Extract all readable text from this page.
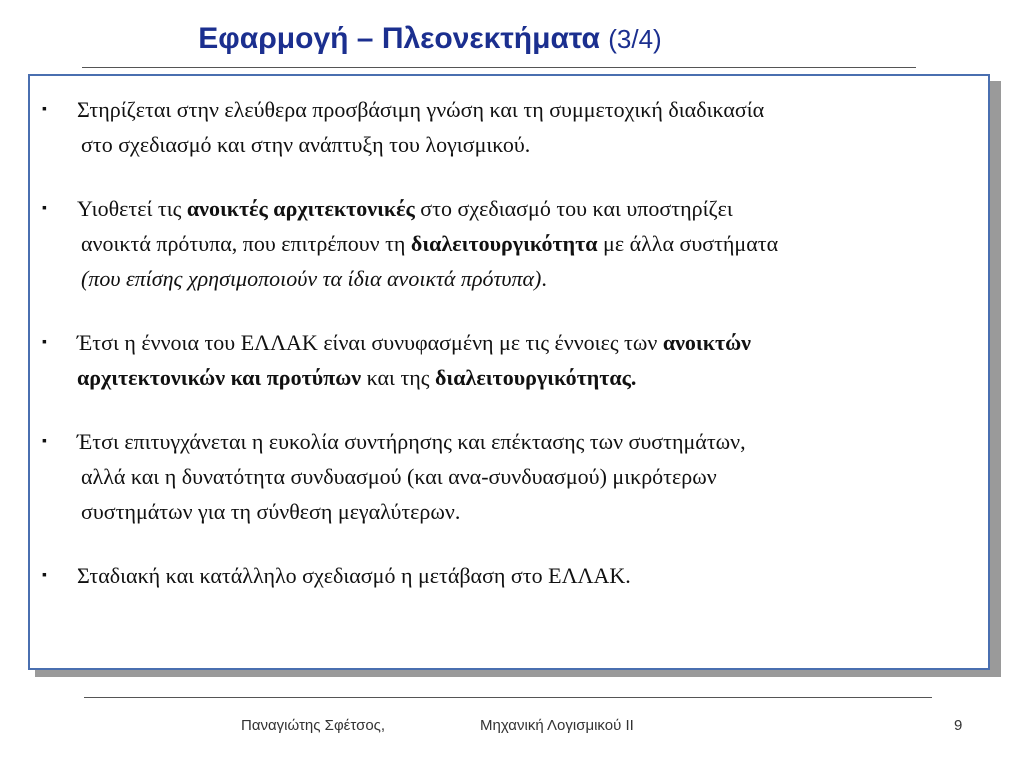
Εφαρμογή – Πλεονεκτήματα (3/4)
▪	Στηρίζεται στην ελεύθερα προσβάσιμη γνώση και τη συμμετοχική διαδικασία
στο σχεδιασμό και στην ανάπτυξη του λογισμικού.
▪	Υιοθετεί τις ανοικτές αρχιτεκτονικές στο σχεδιασμό του και υποστηρίζει
ανοικτά πρότυπα, που επιτρέπουν τη διαλειτουργικότητα με άλλα συστήματα
(που επίσης χρησιμοποιούν τα ίδια ανοικτά πρότυπα).
▪	Έτσι η έννοια του ΕΛΛΑΚ είναι συνυφασμένη με τις έννοιες των ανοικτών
αρχιτεκτονικών και προτύπων και της διαλειτουργικότητας.
▪	Έτσι επιτυγχάνεται η ευκολία συντήρησης και επέκτασης των συστημάτων,
αλλά και η δυνατότητα συνδυασμού (και ανα-συνδυασμού) μικρότερων
συστημάτων για τη σύνθεση μεγαλύτερων.
▪	Σταδιακή και κατάλληλο σχεδιασμό η μετάβαση στο ΕΛΛΑΚ.
Παναγιώτης Σφέτσος,	Μηχανική Λογισμικού ΙΙ	9
